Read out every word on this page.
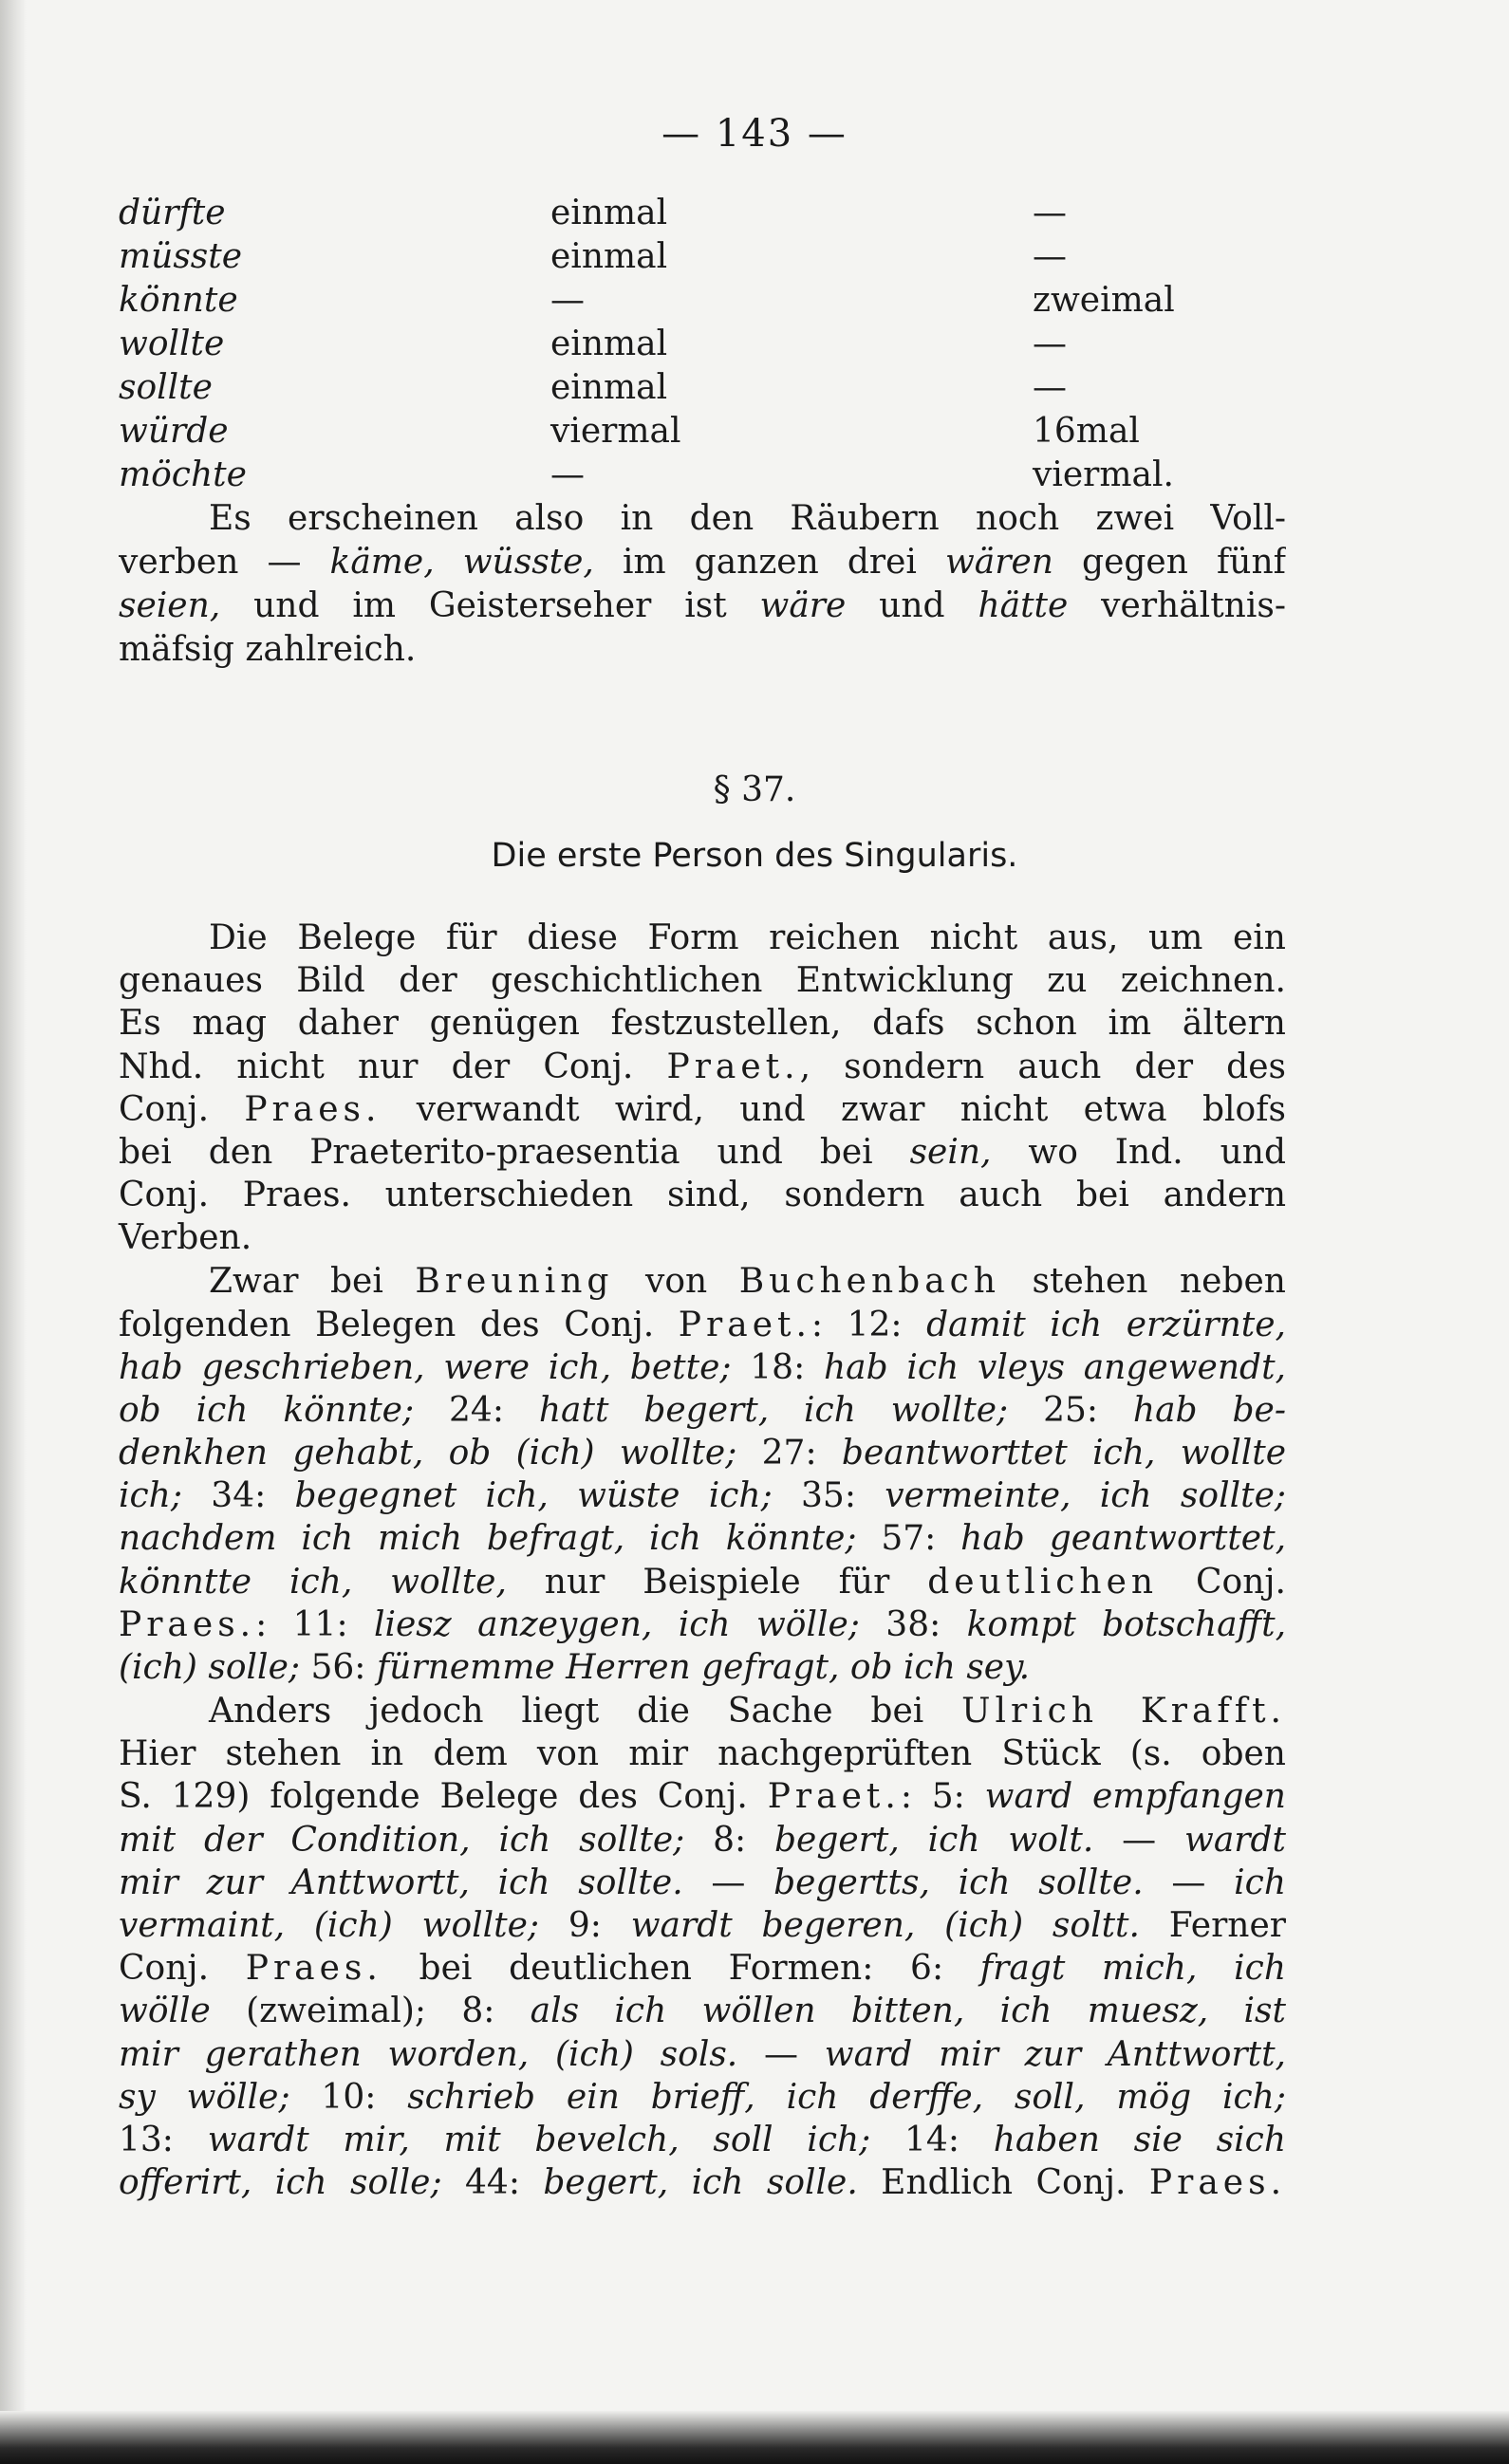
— 143 —
dürfte	einmal	—
müsste	einmal	—
könnte	—	zweimal
wollte	einmal	—
sollte	einmal	—
würde	viermal	16mal
möchte	—	viermal.
Es erscheinen also in den Räubern noch zwei Voll-
verben — käme, wüsste, im ganzen drei wären gegen fünf
seien, und im Geisterseher ist wäre und hätte verhältnis-
mäfsig zahlreich.
§ 37.
Die erste Person des Singularis.
Die Belege für diese Form reichen nicht aus, um ein
genaues Bild der geschichtlichen Entwicklung zu zeichnen.
Es mag daher genügen festzustellen, dafs schon im ältern
Nhd. nicht nur der Conj. Praet., sondern auch der des
Conj. Praes. verwandt wird, und zwar nicht etwa blofs
bei den Praeterito-praesentia und bei sein, wo Ind. und
Conj. Praes. unterschieden sind, sondern auch bei andern
Verben.
Zwar bei Breuning von Buchenbach stehen neben
folgenden Belegen des Conj. Praet.: 12: damit ich erzürnte,
hab geschrieben, were ich, bette; 18: hab ich vleys angewendt,
ob ich könnte; 24: hatt begert, ich wollte; 25: hab be-
denkhen gehabt, ob (ich) wollte; 27: beantworttet ich, wollte
ich; 34: begegnet ich, wüste ich; 35: vermeinte, ich sollte;
nachdem ich mich befragt, ich könnte; 57: hab geantworttet,
könntte ich, wollte, nur Beispiele für deutlichen Conj.
Praes.: 11: liesz anzeygen, ich wölle; 38: kompt botschafft,
(ich) solle; 56: fürnemme Herren gefragt, ob ich sey.
Anders jedoch liegt die Sache bei Ulrich Krafft.
Hier stehen in dem von mir nachgeprüften Stück (s. oben
S. 129) folgende Belege des Conj. Praet.: 5: ward empfangen
mit der Condition, ich sollte; 8: begert, ich wolt. — wardt
mir zur Anttwortt, ich sollte. — begertts, ich sollte. — ich
vermaint, (ich) wollte; 9: wardt begeren, (ich) soltt. Ferner
Conj. Praes. bei deutlichen Formen: 6: fragt mich, ich
wölle (zweimal); 8: als ich wöllen bitten, ich muesz, ist
mir gerathen worden, (ich) sols. — ward mir zur Anttwortt,
sy wölle; 10: schrieb ein brieff, ich derffe, soll, mög ich;
13: wardt mir, mit bevelch, soll ich; 14: haben sie sich
offerirt, ich solle; 44: begert, ich solle. Endlich Conj. Praes.
